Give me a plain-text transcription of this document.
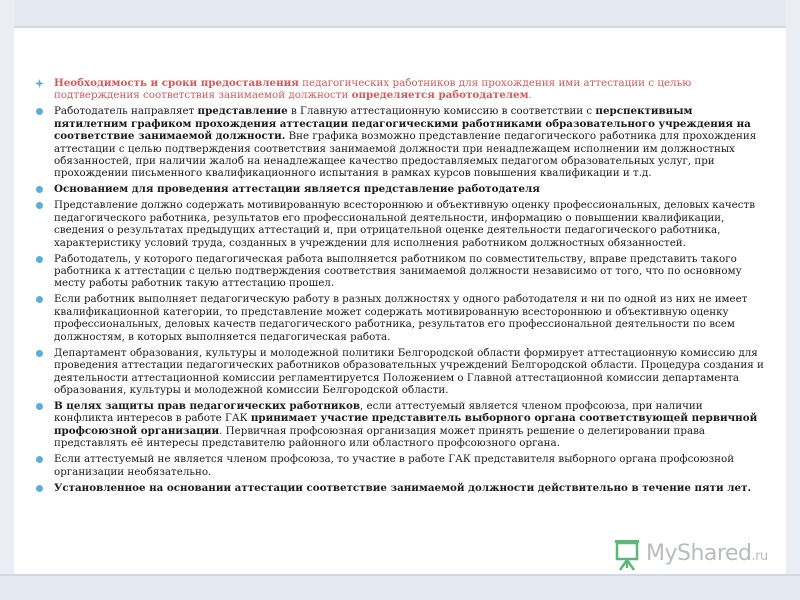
Необходимость и сроки предоставления педагогических работников для прохождения ими аттестации с целью подтверждения соответствия занимаемой должности определяется работодателем.
Работодатель направляет представление в Главную аттестационную комиссию в соответствии с перспективным пятилетним графиком прохождения аттестации педагогическими работниками образовательного учреждения на соответствие занимаемой должности. Вне графика возможно представление педагогического работника для прохождения аттестации с целью подтверждения соответствия занимаемой должности при ненадлежащем исполнении им должностных обязанностей, при наличии жалоб на ненадлежащее качество предоставляемых педагогом образовательных услуг, при прохождении письменного квалификационного испытания в рамках курсов повышения квалификации и т.д.
Основанием для проведения аттестации является представление работодателя
Представление должно содержать мотивированную всестороннюю и объективную оценку профессиональных, деловых качеств педагогического работника, результатов его профессиональной деятельности, информацию о повышении квалификации, сведения о результатах предыдущих аттестаций и, при отрицательной оценке деятельности педагогического работника, характеристику условий труда, созданных в учреждении для исполнения работником должностных обязанностей.
Работодатель, у которого педагогическая работа выполняется работником по совместительству, вправе представить такого работника к аттестации с целью подтверждения соответствия занимаемой должности независимо от того, что по основному месту работы работник такую аттестацию прошел.
Если работник выполняет педагогическую работу в разных должностях у одного работодателя и ни по одной из них не имеет квалификационной категории, то представление может содержать мотивированную всестороннюю и объективную оценку профессиональных, деловых качеств педагогического работника, результатов его профессиональной деятельности по всем должностям, в которых выполняется педагогическая работа.
Департамент образования, культуры и молодежной политики Белгородской области формирует аттестационную комиссию для проведения аттестации педагогических работников образовательных учреждений Белгородской области. Процедура создания и деятельности аттестационной комиссии регламентируется Положением о Главной аттестационной комиссии департамента образования, культуры и молодежной комиссии Белгородской области.
В целях защиты прав педагогических работников, если аттестуемый является членом профсоюза, при наличии конфликта интересов в работе ГАК принимает участие представитель выборного органа соответствующей первичной профсоюзной организации. Первичная профсоюзная организация может принять решение о делегировании права представлять её интересы представителю районного или областного профсоюзного органа.
Если аттестуемый не является членом профсоюза, то участие в работе ГАК представителя выборного органа профсоюзной организации необязательно.
Установленное на основании аттестации соответствие занимаемой должности действительно в течение пяти лет.
MyShared.ru
